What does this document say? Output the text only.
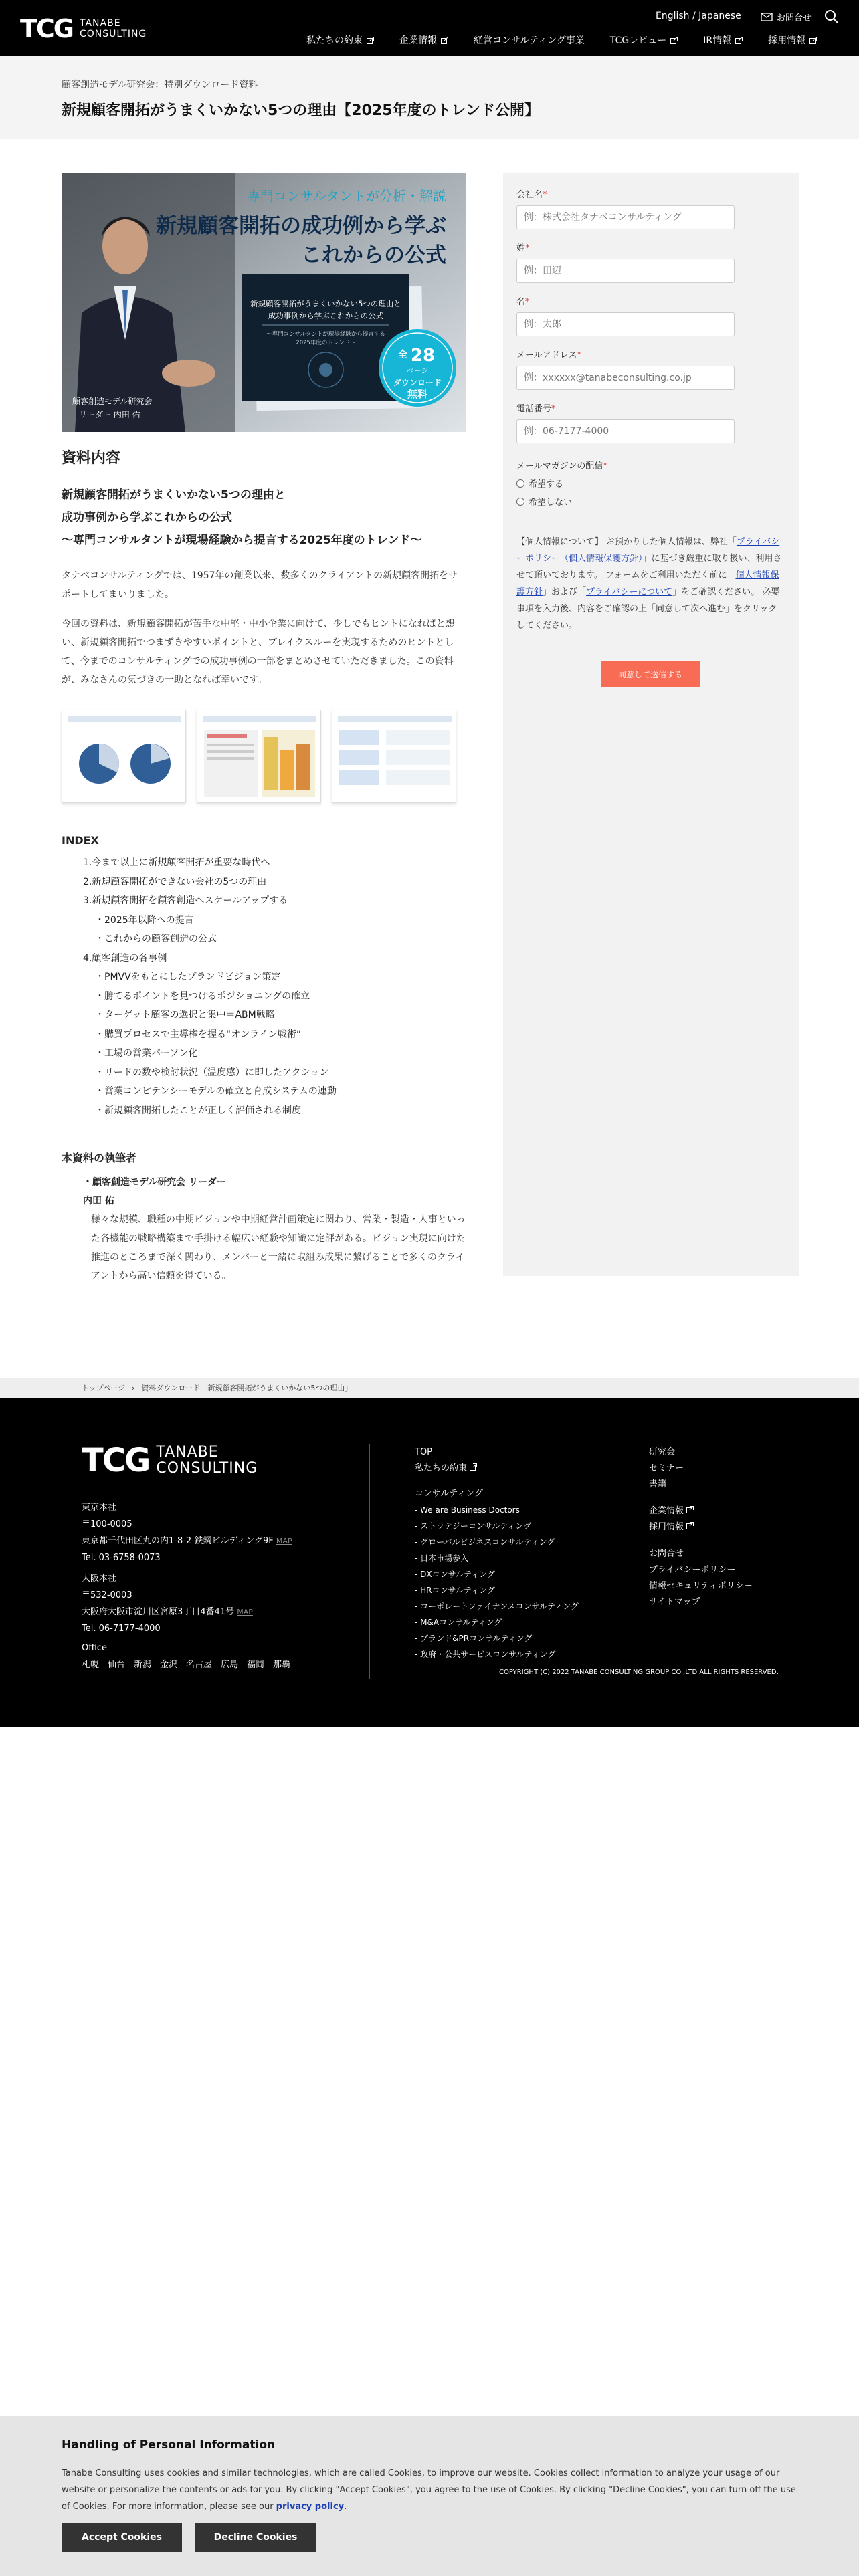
TCG TANABE
CONSULTING
English / Japanese	お問合せ
私たちの約束	企業情報	経営コンサルティング事業	TCGレビュー	IR情報	採用情報
顧客創造モデル研究会：特別ダウンロード資料
新規顧客開拓がうまくいかない5つの理由【2025年度のトレンド公開】
専門コンサルタントが分析・解説
新規顧客開拓の成功例から学ぶ
これからの公式
新規顧客開拓がうまくいかない5つの理由と
成功事例から学ぶこれからの公式
〜専門コンサルタントが現場経験から提言する
2025年度のトレンド〜
全 28
ページ
ダウンロード
無料
顧客創造モデル研究会
リーダー 内田 佑
資料内容

新規顧客開拓がうまくいかない5つの理由と
成功事例から学ぶこれからの公式
〜専門コンサルタントが現場経験から提言する2025年度のトレンド〜

タナベコンサルティングでは、1957年の創業以来、数多くのクライアントの新規顧客開拓をサポートしてまいりました。

今回の資料は、新規顧客開拓が苦手な中堅・中小企業に向けて、少しでもヒントになればと想い、新規顧客開拓でつまずきやすいポイントと、ブレイクスルーを実現するためのヒントとして、今までのコンサルティングでの成功事例の一部をまとめさせていただきました。この資料が、みなさんの気づきの一助となれば幸いです。

INDEX
1.今まで以上に新規顧客開拓が重要な時代へ
2.新規顧客開拓ができない会社の5つの理由
3.新規顧客開拓を顧客創造へスケールアップする
・2025年以降への提言
・これからの顧客創造の公式
4.顧客創造の各事例
・PMVVをもとにしたブランドビジョン策定
・勝てるポイントを見つけるポジショニングの確立
・ターゲット顧客の選択と集中＝ABM戦略
・購買プロセスで主導権を握る“オンライン戦術”
・工場の営業パーソン化
・リードの数や検討状況（温度感）に即したアクション
・営業コンピテンシーモデルの確立と育成システムの連動
・新規顧客開拓したことが正しく評価される制度
本資料の執筆者
・顧客創造モデル研究会 リーダー
内田 佑
様々な規模、職種の中期ビジョンや中期経営計画策定に関わり、営業・製造・人事といった各機能の戦略構築まで手掛ける幅広い経験や知識に定評がある。ビジョン実現に向けた推進のところまで深く関わり、メンバーと一緒に取組み成果に繋げることで多くのクライアントから高い信頼を得ている。
会社名*
例：株式会社タナベコンサルティング
姓*
例：田辺
名*
例：太郎
メールアドレス*
例：xxxxxx@tanabeconsulting.co.jp
電話番号*
例：06-7177-4000
メールマガジンの配信*
希望する
希望しない
【個人情報について】 お預かりした個人情報は、弊社「プライバシーポリシー（個人情報保護方針）」に基づき厳重に取り扱い、利用させて頂いております。 フォームをご利用いただく前に「個人情報保護方針」および「プライバシーについて」をご確認ください。 必要事項を入力後、内容をご確認の上「同意して次へ進む」をクリックしてください。
同意して送信する
トップページ › 資料ダウンロード「新規顧客開拓がうまくいかない5つの理由」
TCG TANABE
CONSULTING
東京本社
〒100-0005
東京都千代田区丸の内1-8-2 鉄鋼ビルディング9F MAP
Tel. 03-6758-0073
大阪本社
〒532-0003
大阪府大阪市淀川区宮原3丁目4番41号 MAP
Tel. 06-7177-4000
Office
札幌　仙台　新潟　金沢　名古屋　広島　福岡　那覇
TOP
私たちの約束
コンサルティング
- We are Business Doctors
- ストラテジーコンサルティング
- グローバルビジネスコンサルティング
- 日本市場参入
- DXコンサルティング
- HRコンサルティング
- コーポレートファイナンスコンサルティング
- M&Aコンサルティング
- ブランド&PRコンサルティング
- 政府・公共サービスコンサルティング
研究会
セミナー
書籍
企業情報
採用情報
お問合せ
プライバシーポリシー
情報セキュリティポリシー
サイトマップ
COPYRIGHT (C) 2022 TANABE CONSULTING GROUP CO.,LTD ALL RIGHTS RESERVED.
Handling of Personal Information

Tanabe Consulting uses cookies and similar technologies, which are called Cookies, to improve our website. Cookies collect information to analyze your usage of our website or personalize the contents or ads for you. By clicking "Accept Cookies", you agree to the use of Cookies. By clicking "Decline Cookies", you can turn off the use of Cookies. For more information, please see our privacy policy.

Accept Cookies	Decline Cookies
